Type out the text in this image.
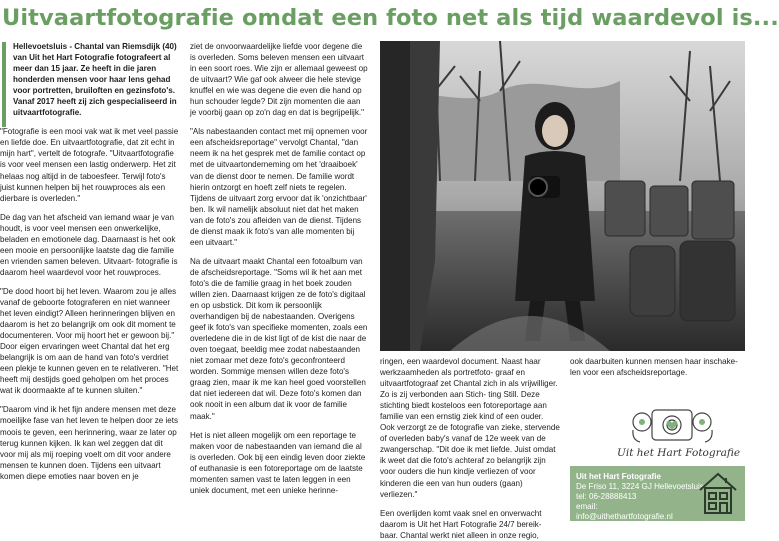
Uitvaartfotografie omdat een foto net als tijd waardevol is...

Hellevoetsluis - Chantal van Riemsdijk (40) van Uit het Hart Fotografie fotografeert al meer dan 15 jaar. Ze heeft in die jaren honderden mensen voor haar lens gehad voor portretten, bruiloften en gezinsfoto's. Vanaf 2017 heeft zij zich gespecialiseerd in uitvaartfotografie.

"Fotografie is een mooi vak wat ik met veel passie en liefde doe. En uitvaartfotografie, dat zit echt in mijn hart", vertelt de fotografe. "Uitvaartfotografie is voor veel mensen een lastig onderwerp. Het zit helaas nog altijd in de taboesfeer. Terwijl foto's juist kunnen helpen bij het rouwproces als een dierbare is overleden."

De dag van het afscheid van iemand waar je van houdt, is voor veel mensen een onwerkelijke, beladen en emotionele dag. Daarnaast is het ook een mooie en persoonlijke laatste dag die familie en vrienden samen beleven. Uitvaart- fotografie is daarom heel waardevol voor het rouwproces.

"De dood hoort bij het leven. Waarom zou je alles vanaf de geboorte fotograferen en niet wanneer het leven eindigt? Alleen herinneringen blijven en daarom is het zo belangrijk om ook dit moment te documenteren. Voor mij hoort het er gewoon bij." Door eigen ervaringen weet Chantal dat het erg belangrijk is om aan de hand van foto's verdriet een plekje te kunnen geven en te relativeren. "Het heeft mij destijds goed geholpen om het proces wat ik doormaakte af te kunnen sluiten."

"Daarom vind ik het fijn andere mensen met deze moeilijke fase van het leven te helpen door ze iets moois te geven, een herinnering, waar ze later op terug kunnen kijken. Ik kan wel zeggen dat dit voor mij als mij roeping voelt om dit voor andere mensen te kunnen doen. Tijdens een uitvaart komen diepe emoties naar boven en je

ziet de onvoorwaardelijke liefde voor degene die is overleden. Soms beleven mensen een uitvaart in een soort roes. Wie zijn er allemaal geweest op de uitvaart? Wie gaf ook alweer die hele stevige knuffel en wie was degene die even die hand op hun schouder legde? Dit zijn momenten die aan je voorbij gaan op zo'n dag en dat is begrijpelijk."

"Als nabestaanden contact met mij opnemen voor een afscheidsreportage" vervolgt Chantal, "dan neem ik na het gesprek met de familie contact op met de uitvaartonderneming om het 'draaiboek' van de dienst door te nemen. De familie wordt hierin ontzorgt en hoeft zelf niets te regelen. Tijdens de uitvaart zorg ervoor dat ik 'onzichtbaar' ben. Ik wil namelijk absoluut niet dat het maken van de foto's zou afleiden van de dienst. Tijdens de dienst maak ik foto's van alle momenten bij een uitvaart."

Na de uitvaart maakt Chantal een fotoalbum van de afscheidsreportage. "Soms wil ik het aan met foto's die de familie graag in het boek zouden willen zien. Daarnaast krijgen ze de foto's digitaal en op usbstick. Dit kom ik persoonlijk overhandigen bij de nabestaanden. Overigens geef ik foto's van specifieke momenten, zoals een overledene die in de kist ligt of de kist die naar de oven toegaat, beeldig mee zodat nabestaanden niet zomaar met deze foto's geconfronteerd worden. Sommige mensen willen deze foto's graag zien, maar ik me kan heel goed voorstellen dat niet iedereen dat wil. Deze foto's komen dan ook nooit in een album dat ik voor de familie maak."

Het is niet alleen mogelijk om een reportage te maken voor de nabestaanden van iemand die al is overleden. Ook bij een eindig leven door ziekte of euthanasie is een fotoreportage om de laatste momenten samen vast te laten leggen in een uniek document, met een unieke herinne-

ringen, een waardevol document. Naast haar werkzaamheden als portretfoto- graaf en uitvaartfotograaf zet Chantal zich in als vrijwilliger. Zo is zij verbonden aan Stich- ting Still. Deze stichting biedt kosteloos een fotoreportage aan familie van een ernstig ziek kind of een ouder. Ook verzorgt ze de fotografie van zieke, stervende of overleden baby's vanaf de 12e week van de zwangerschap. "Dit doe ik met liefde. Juist omdat ik weet dat die foto's achteraf zo belangrijk zijn voor ouders die hun kindje verliezen of voor kinderen die een van hun ouders (gaan) verliezen."

Een overlijden komt vaak snel en onverwacht daarom is Uit het Hart Fotografie 24/7 bereik- baar. Chantal werkt niet alleen in onze regio,

ook daarbuiten kunnen mensen haar inschake- len voor een afscheidsreportage.

Uit het Hart Fotografie
Uit het Hart Fotografie
De Friso 11, 3224 GJ Hellevoetsluis
tel: 06-28888413
email:
info@uithethartfotografie.nl
www.uithethartfotografie.nl
